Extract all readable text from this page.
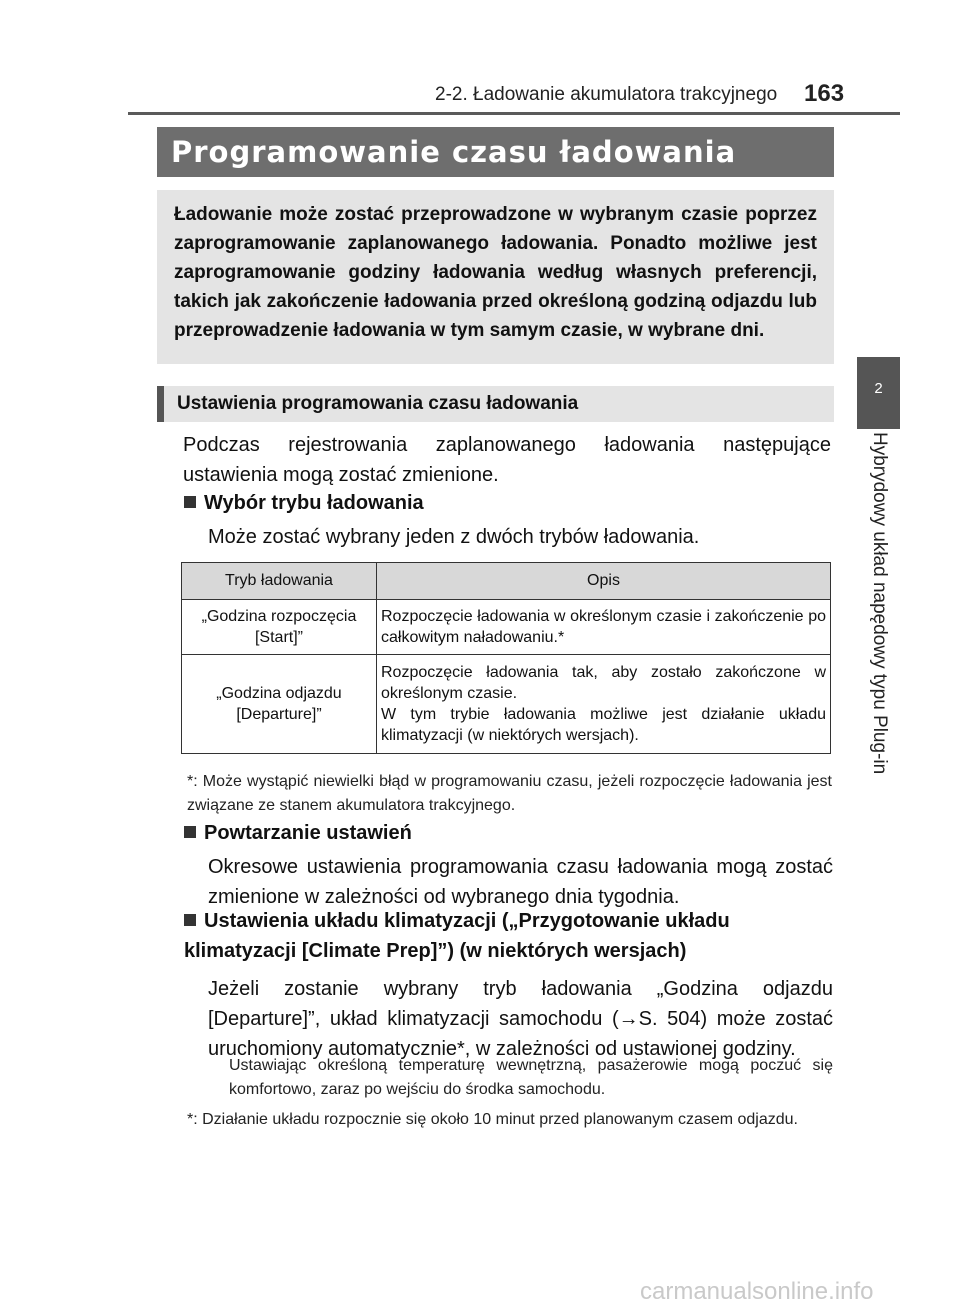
2-2. Ładowanie akumulatora trakcyjnego 163
2
Hybrydowy układ napędowy typu Plug-in
Programowanie czasu ładowania
Ładowanie może zostać przeprowadzone w wybranym czasie poprzez zaprogramowanie zaplanowanego ładowania. Ponadto możliwe jest zaprogramowanie godziny ładowania według własnych preferencji, takich jak zakończenie ładowania przed określoną godziną odjazdu lub przeprowadzenie ładowania w tym samym czasie, w wybrane dni.
Ustawienia programowania czasu ładowania
Podczas rejestrowania zaplanowanego ładowania następujące ustawienia mogą zostać zmienione.
Wybór trybu ładowania
Może zostać wybrany jeden z dwóch trybów ładowania.
Tryb ładowania	Opis
„Godzina rozpoczęcia [Start]”	Rozpoczęcie ładowania w określonym czasie i zakończenie po całkowitym naładowaniu.*
„Godzina odjazdu [Departure]”	Rozpoczęcie ładowania tak, aby zostało zakończone w określonym czasie.
W tym trybie ładowania możliwe jest działanie układu klimatyzacji (w niektórych wersjach).
*: Może wystąpić niewielki błąd w programowaniu czasu, jeżeli rozpoczęcie ładowania jest związane ze stanem akumulatora trakcyjnego.
Powtarzanie ustawień
Okresowe ustawienia programowania czasu ładowania mogą zostać zmienione w zależności od wybranego dnia tygodnia.
Ustawienia układu klimatyzacji („Przygotowanie układu klimatyzacji [Climate Prep]”) (w niektórych wersjach)
Jeżeli zostanie wybrany tryb ładowania „Godzina odjazdu [Departure]”, układ klimatyzacji samochodu (→S. 504) może zostać uruchomiony automatycznie*, w zależności od ustawionej godziny.
Ustawiając określoną temperaturę wewnętrzną, pasażerowie mogą poczuć się komfortowo, zaraz po wejściu do środka samochodu.
*: Działanie układu rozpocznie się około 10 minut przed planowanym czasem odjazdu.
carmanualsonline.info
